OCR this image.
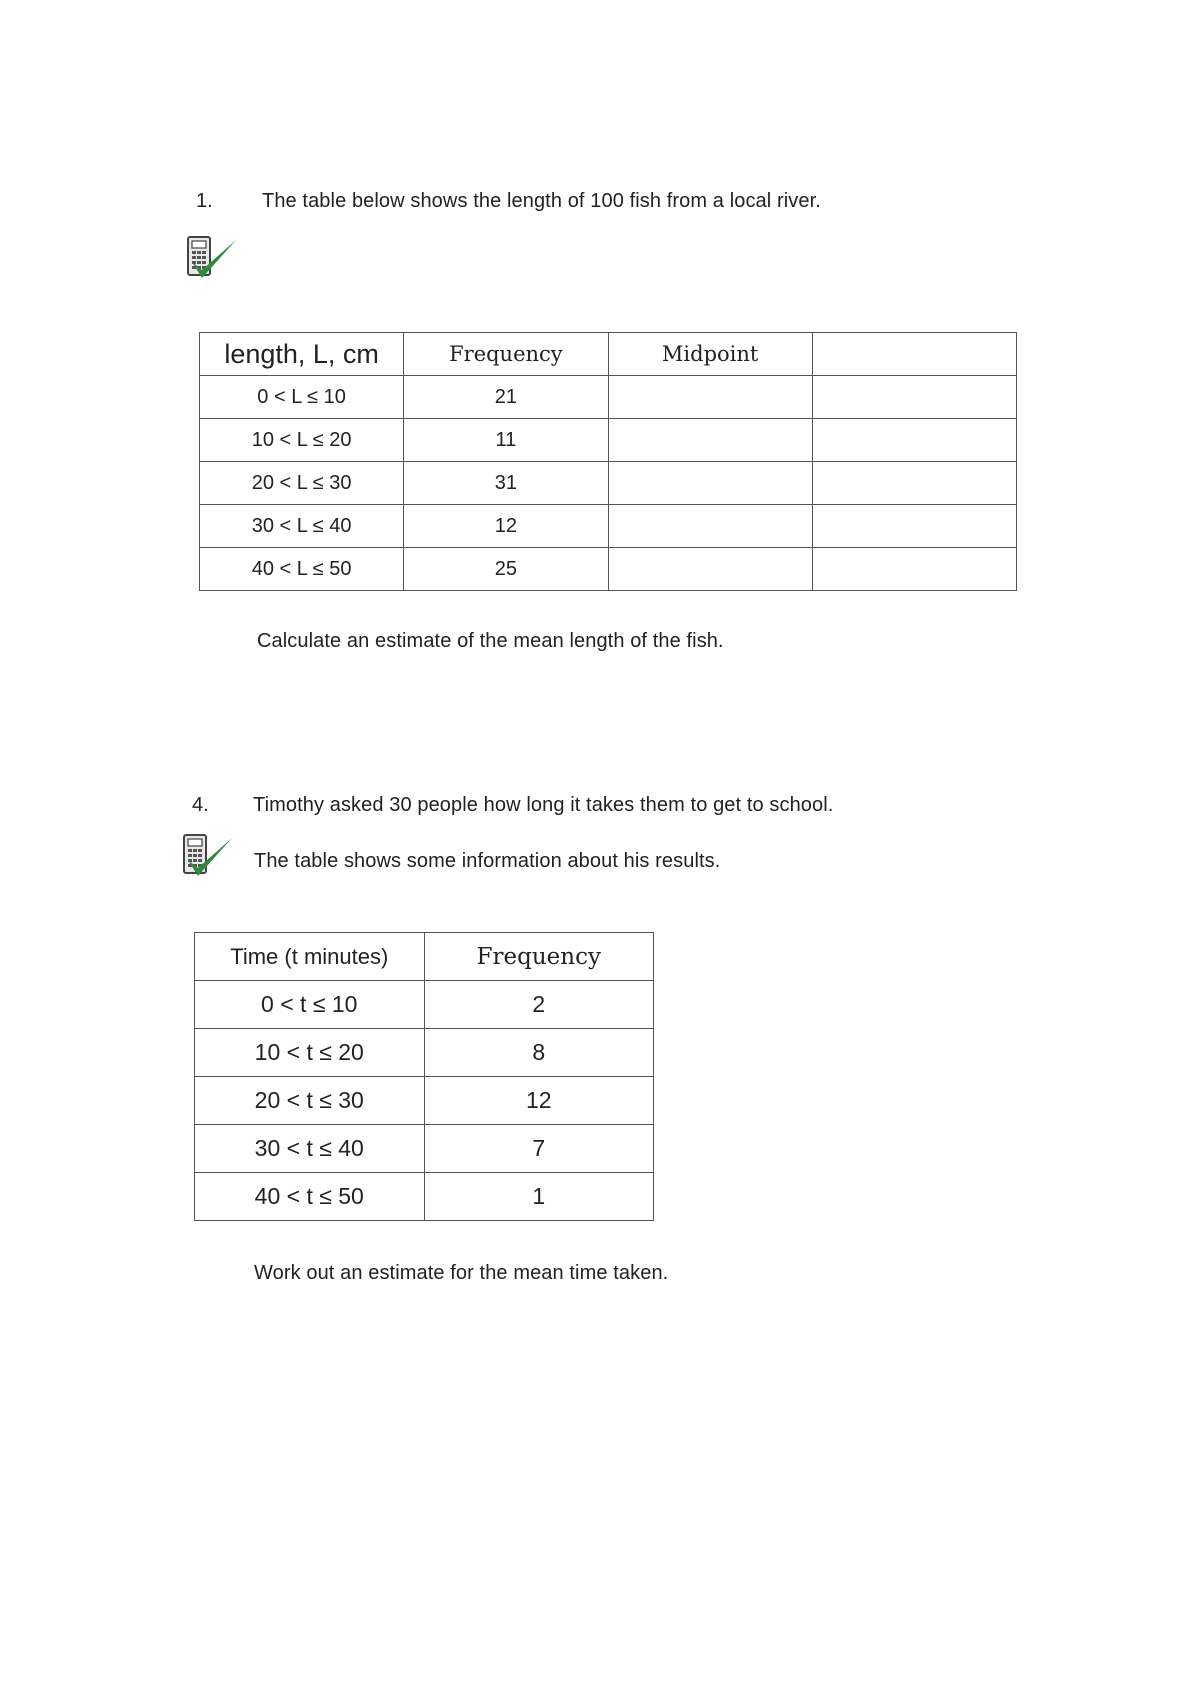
1. The table below shows the length of 100 fish from a local river.
length, L, cm	Frequency	Midpoint	
0 < L ≤ 10	21		
10 < L ≤ 20	11		
20 < L ≤ 30	31		
30 < L ≤ 40	12		
40 < L ≤ 50	25		
Calculate an estimate of the mean length of the fish.
4. Timothy asked 30 people how long it takes them to get to school.
The table shows some information about his results.
Time (t minutes)	Frequency
0 < t ≤ 10	2
10 < t ≤ 20	8
20 < t ≤ 30	12
30 < t ≤ 40	7
40 < t ≤ 50	1
Work out an estimate for the mean time taken.
